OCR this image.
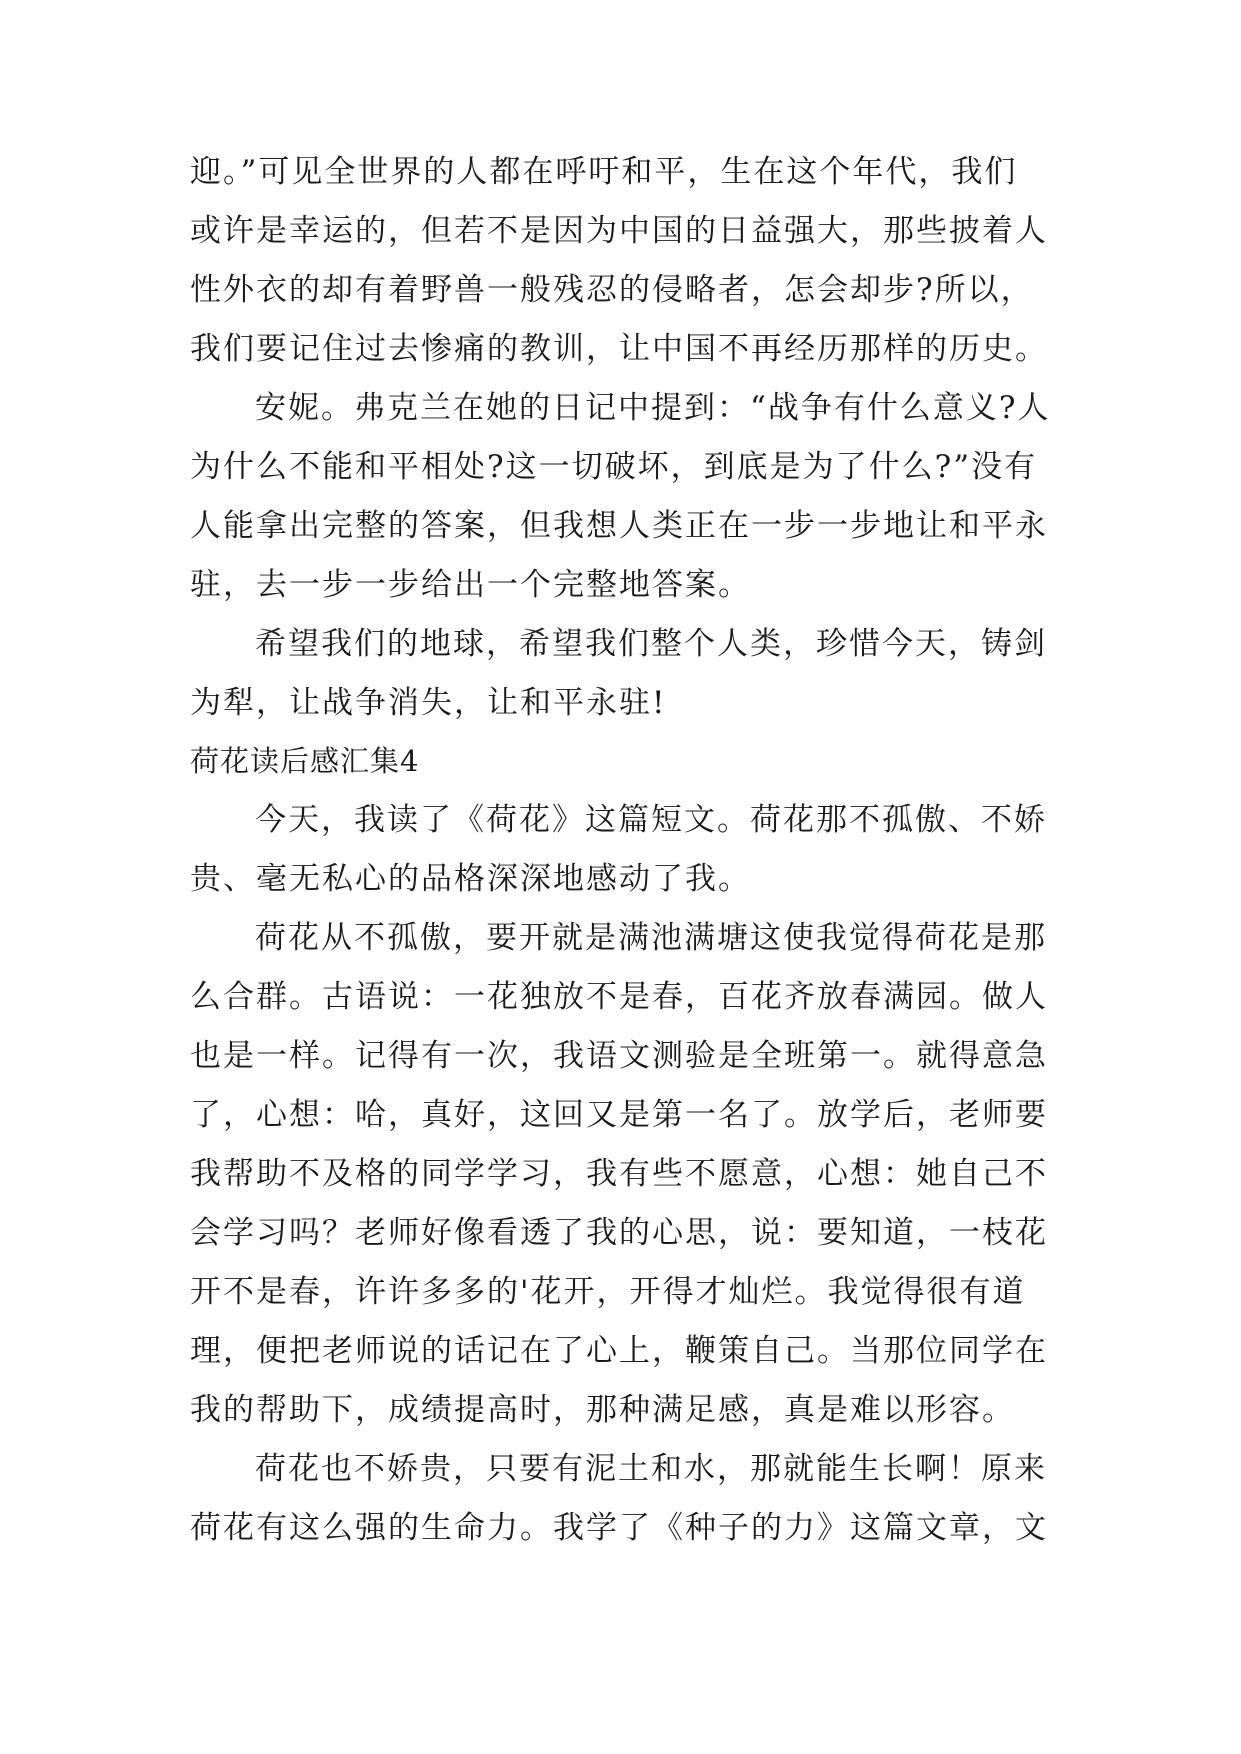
迎。”可见全世界的人都在呼吁和平，生在这个年代，我们
或许是幸运的，但若不是因为中国的日益强大，那些披着人
性外衣的却有着野兽一般残忍的侵略者，怎会却步?所以，
我们要记住过去惨痛的教训，让中国不再经历那样的历史。
安妮。弗克兰在她的日记中提到：“战争有什么意义?人
为什么不能和平相处?这一切破坏，到底是为了什么?”没有
人能拿出完整的答案，但我想人类正在一步一步地让和平永
驻，去一步一步给出一个完整地答案。
希望我们的地球，希望我们整个人类，珍惜今天，铸剑
为犁，让战争消失，让和平永驻!
荷花读后感汇集4
今天，我读了《荷花》这篇短文。荷花那不孤傲、不娇
贵、毫无私心的品格深深地感动了我。
荷花从不孤傲，要开就是满池满塘这使我觉得荷花是那
么合群。古语说：一花独放不是春，百花齐放春满园。做人
也是一样。记得有一次，我语文测验是全班第一。就得意急
了，心想：哈，真好，这回又是第一名了。放学后，老师要
我帮助不及格的同学学习，我有些不愿意，心想：她自己不
会学习吗？老师好像看透了我的心思，说：要知道，一枝花
开不是春，许许多多的'花开，开得才灿烂。我觉得很有道
理，便把老师说的话记在了心上，鞭策自己。当那位同学在
我的帮助下，成绩提高时，那种满足感，真是难以形容。
荷花也不娇贵，只要有泥土和水，那就能生长啊！原来
荷花有这么强的生命力。我学了《种子的力》这篇文章，文
